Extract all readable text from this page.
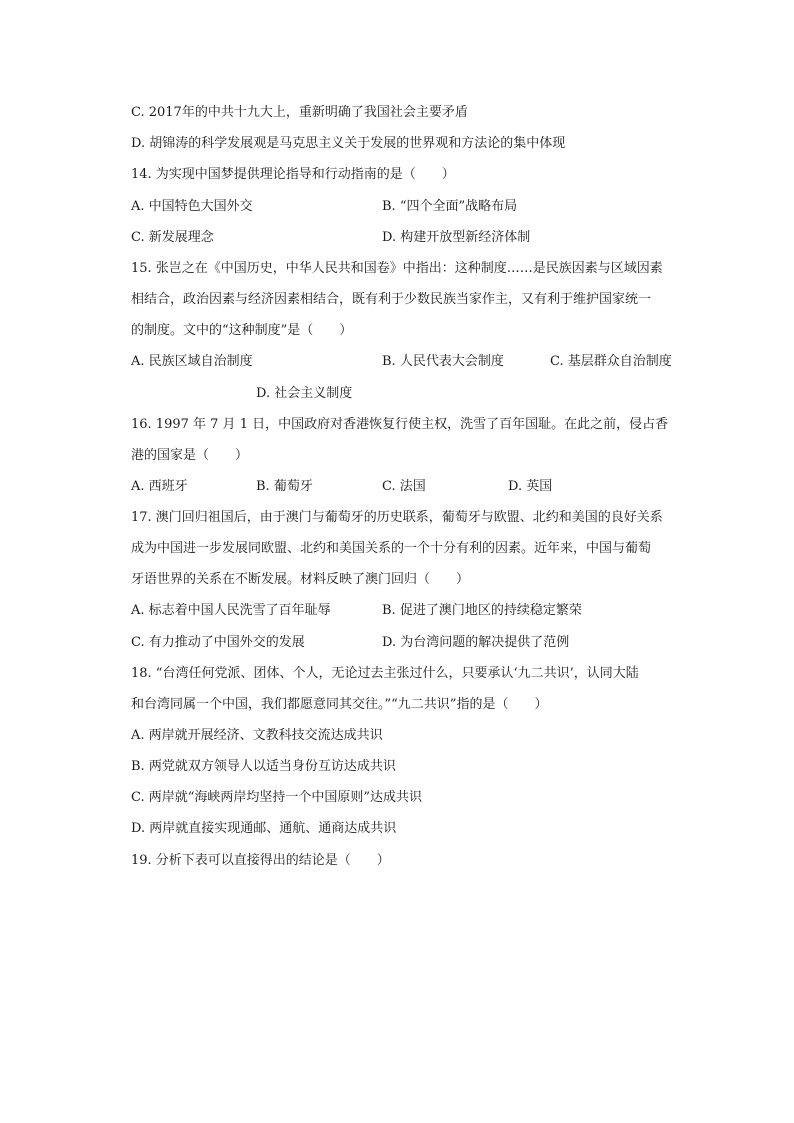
C. 2017年的中共十九大上，重新明确了我国社会主要矛盾
D. 胡锦涛的科学发展观是马克思主义关于发展的世界观和方法论的集中体现
14. 为实现中国梦提供理论指导和行动指南的是（　　）
A. 中国特色大国外交	B. “四个全面”战略布局
C. 新发展理念	D. 构建开放型新经济体制
15. 张岂之在《中国历史，中华人民共和国卷》中指出：这种制度……是民族因素与区域因素
相结合，政治因素与经济因素相结合，既有利于少数民族当家作主，又有利于维护国家统一
的制度。文中的“这种制度”是（　　）
A. 民族区域自治制度	B. 人民代表大会制度	C. 基层群众自治制度
D. 社会主义制度
16. 1997 年 7 月 1 日，中国政府对香港恢复行使主权，洗雪了百年国耻。在此之前，侵占香
港的国家是（　　）
A. 西班牙	B. 葡萄牙	C. 法国	D. 英国
17. 澳门回归祖国后，由于澳门与葡萄牙的历史联系，葡萄牙与欧盟、北约和美国的良好关系
成为中国进一步发展同欧盟、北约和美国关系的一个十分有利的因素。近年来，中国与葡萄
牙语世界的关系在不断发展。材料反映了澳门回归（　　）
A. 标志着中国人民洗雪了百年耻辱	B. 促进了澳门地区的持续稳定繁荣
C. 有力推动了中国外交的发展	D. 为台湾问题的解决提供了范例
18. “台湾任何党派、团体、个人，无论过去主张过什么，只要承认‘九二共识’，认同大陆
和台湾同属一个中国，我们都愿意同其交往。”“九二共识”指的是（　　）
A. 两岸就开展经济、文教科技交流达成共识
B. 两党就双方领导人以适当身份互访达成共识
C. 两岸就“海峡两岸均坚持一个中国原则”达成共识
D. 两岸就直接实现通邮、通航、通商达成共识
19. 分析下表可以直接得出的结论是（　　）
